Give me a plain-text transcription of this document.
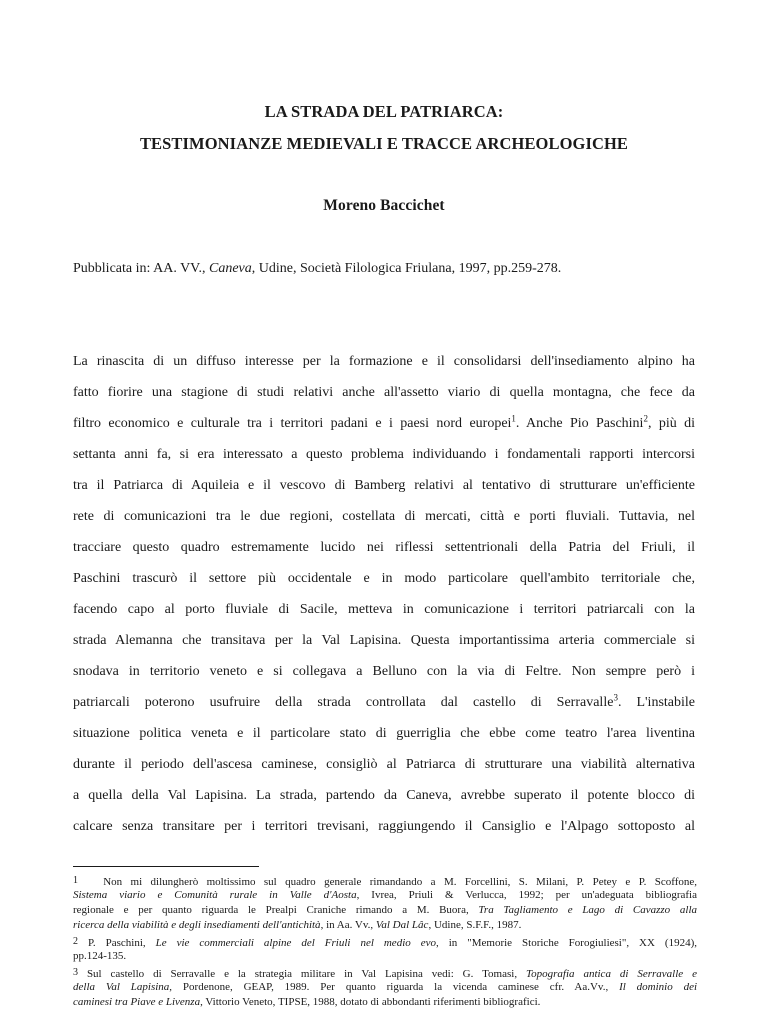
LA STRADA DEL PATRIARCA:
TESTIMONIANZE MEDIEVALI E TRACCE ARCHEOLOGICHE
Moreno Baccichet

Pubblicata in: AA. VV., Caneva, Udine, Società Filologica Friulana, 1997, pp.259-278.

La rinascita di un diffuso interesse per la formazione e il consolidarsi dell'insediamento alpino ha
fatto fiorire una stagione di studi relativi anche all'assetto viario di quella montagna, che fece da
filtro economico e culturale tra i territori padani e i paesi nord europei$^1$. Anche Pio Paschini$^2$, più di
settanta anni fa, si era interessato a questo problema individuando i fondamentali rapporti intercorsi
tra il Patriarca di Aquileia e il vescovo di Bamberg relativi al tentativo di strutturare un'efficiente
rete di comunicazioni tra le due regioni, costellata di mercati, città e porti fluviali. Tuttavia, nel
tracciare questo quadro estremamente lucido nei riflessi settentrionali della Patria del Friuli, il
Paschini trascurò il settore più occidentale e in modo particolare quell'ambito territoriale che,
facendo capo al porto fluviale di Sacile, metteva in comunicazione i territori patriarcali con la
strada Alemanna che transitava per la Val Lapisina. Questa importantissima arteria commerciale si
snodava in territorio veneto e si collegava a Belluno con la via di Feltre. Non sempre però i
patriarcali poterono usufruire della strada controllata dal castello di Serravalle$^3$. L'instabile
situazione politica veneta e il particolare stato di guerriglia che ebbe come teatro l'area liventina
durante il periodo dell'ascesa caminese, consigliò al Patriarca di strutturare una viabilità alternativa
a quella della Val Lapisina. La strada, partendo da Caneva, avrebbe superato il potente blocco di
calcare senza transitare per i territori trevisani, raggiungendo il Cansiglio e l'Alpago sottoposto al
1 Non mi dilungherò moltissimo sul quadro generale rimandando a M. Forcellini, S. Milani, P. Petey e P. Scoffone,
Sistema viario e Comunità rurale in Valle d'Aosta, Ivrea, Priuli & Verlucca, 1992; per un'adeguata bibliografia
regionale e per quanto riguarda le Prealpi Craniche rimando a M. Buora, Tra Tagliamento e Lago di Cavazzo alla
ricerca della viabilità e degli insediamenti dell'antichità, in Aa. Vv., Val Dal Lâc, Udine, S.F.F., 1987.
2 P. Paschini, Le vie commerciali alpine del Friuli nel medio evo, in "Memorie Storiche Forogiuliesi", XX (1924),
pp.124-135.
3 Sul castello di Serravalle e la strategia militare in Val Lapisina vedi: G. Tomasi, Topografia antica di Serravalle e
della Val Lapisina, Pordenone, GEAP, 1989. Per quanto riguarda la vicenda caminese cfr. Aa.Vv., Il dominio dei
caminesi tra Piave e Livenza, Vittorio Veneto, TIPSE, 1988, dotato di abbondanti riferimenti bibliografici.
